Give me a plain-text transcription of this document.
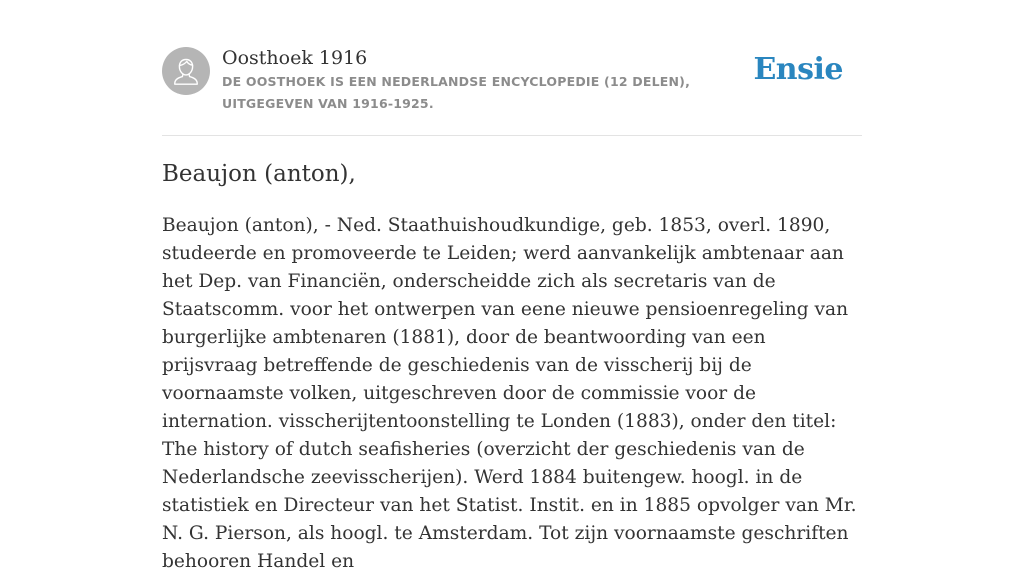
Oosthoek 1916
DE OOSTHOEK IS EEN NEDERLANDSE ENCYCLOPEDIE (12 DELEN), UITGEGEVEN VAN 1916-1925.
Ensie
Beaujon (anton),

Beaujon (anton), - Ned. Staathuishoudkundige, geb. 1853, overl. 1890, studeerde en promoveerde te Leiden; werd aanvankelijk ambtenaar aan het Dep. van Financiën, onderscheidde zich als secretaris van de Staatscomm. voor het ontwerpen van eene nieuwe pensioenregeling van burgerlijke ambtenaren (1881), door de beantwoording van een prijsvraag betreffende de geschiedenis van de visscherij bij de voornaamste volken, uitgeschreven door de commissie voor de internation. visscherijtentoonstelling te Londen (1883), onder den titel: The history of dutch seafisheries (overzicht der geschiedenis van de Nederlandsche zeevisscherijen). Werd 1884 buitengew. hoogl. in de statistiek en Directeur van het Statist. Instit. en in 1885 opvolger van Mr. N. G. Pierson, als hoogl. te Amsterdam. Tot zijn voornaamste geschriften behooren Handel en
